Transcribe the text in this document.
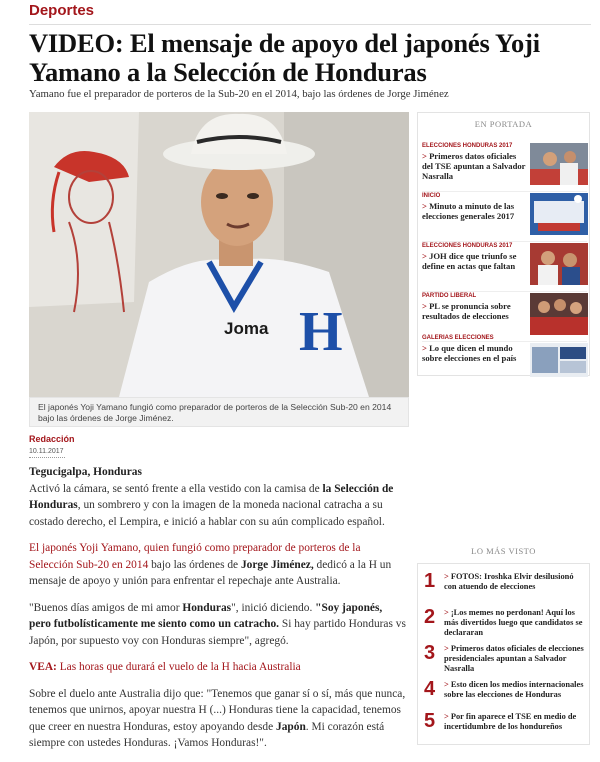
Deportes
VIDEO: El mensaje de apoyo del japonés Yoji Yamano a la Selección de Honduras
Yamano fue el preparador de porteros de la Sub-20 en el 2014, bajo las órdenes de Jorge Jiménez
Joma H
El japonés Yoji Yamano fungió como preparador de porteros de la Selección Sub-20 en 2014 bajo las órdenes de Jorge Jiménez.
Redacción
10.11.2017

Tegucigalpa, Honduras

Activó la cámara, se sentó frente a ella vestido con la camisa de la Selección de Honduras, un sombrero y con la imagen de la moneda nacional catracha a su costado derecho, el Lempira, e inició a hablar con su aún complicado español.

El japonés Yoji Yamano, quien fungió como preparador de porteros de la Selección Sub-20 en 2014 bajo las órdenes de Jorge Jiménez, dedicó a la H un mensaje de apoyo y unión para enfrentar el repechaje ante Australia.

"Buenos días amigos de mi amor Honduras", inició diciendo. "Soy japonés, pero futbolísticamente me siento como un catracho. Si hay partido Honduras vs Japón, por supuesto voy con Honduras siempre", agregó.

VEA: Las horas que durará el vuelo de la H hacia Australia

Sobre el duelo ante Australia dijo que: "Tenemos que ganar sí o sí, más que nunca, tenemos que unirnos, apoyar nuestra H (...) Honduras tiene la capacidad, tenemos que creer en nuestra Honduras, estoy apoyando desde Japón. Mi corazón está siempre con ustedes Honduras. ¡Vamos Honduras!".

EN PORTADA
ELECCIONES HONDURAS 2017
> Primeros datos oficiales del TSE apuntan a Salvador Nasralla
INICIO
> Minuto a minuto de las elecciones generales 2017
ELECCIONES HONDURAS 2017
> JOH dice que triunfo se define en actas que faltan
PARTIDO LIBERAL
> PL se pronuncia sobre resultados de elecciones
GALERIAS ELECCIONES
> Lo que dicen el mundo sobre elecciones en el país
LO MÁS VISTO
1 > FOTOS: Iroshka Elvir desilusionó con atuendo de elecciones
2 > ¡Los memes no perdonan! Aquí los más divertidos luego que candidatos se declararan
3 > Primeros datos oficiales de elecciones presidenciales apuntan a Salvador Nasralla
4 > Esto dicen los medios internacionales sobre las elecciones de Honduras
5 > Por fin aparece el TSE en medio de incertidumbre de los hondureños
